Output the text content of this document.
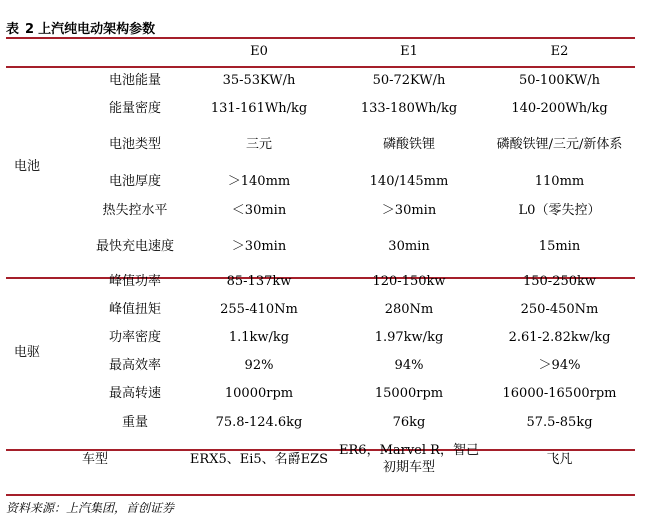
表 2 上汽纯电动架构参数
		E0	E1	E2
电池	电池能量	35-53KW/h	50-72KW/h	50-100KW/h
	能量密度	131-161Wh/kg	133-180Wh/kg	140-200Wh/kg
	电池类型	三元	磷酸铁锂	磷酸铁锂/三元/新体系
	电池厚度	＞140mm	140/145mm	110mm
	热失控水平	＜30min	＞30min	L0（零失控）
	最快充电速度	＞30min	30min	15min
电驱	峰值功率	85-137kw	120-150kw	150-250kw
	峰值扭矩	255-410Nm	280Nm	250-450Nm
	功率密度	1.1kw/kg	1.97kw/kg	2.61-2.82kw/kg
	最高效率	92%	94%	＞94%
	最高转速	10000rpm	15000rpm	16000-16500rpm
	重量	75.8-124.6kg	76kg	57.5-85kg
车型		ERX5、Ei5、名爵EZS	ER6，Marvel R，智己初期车型	飞凡
资料来源：上汽集团，首创证券
